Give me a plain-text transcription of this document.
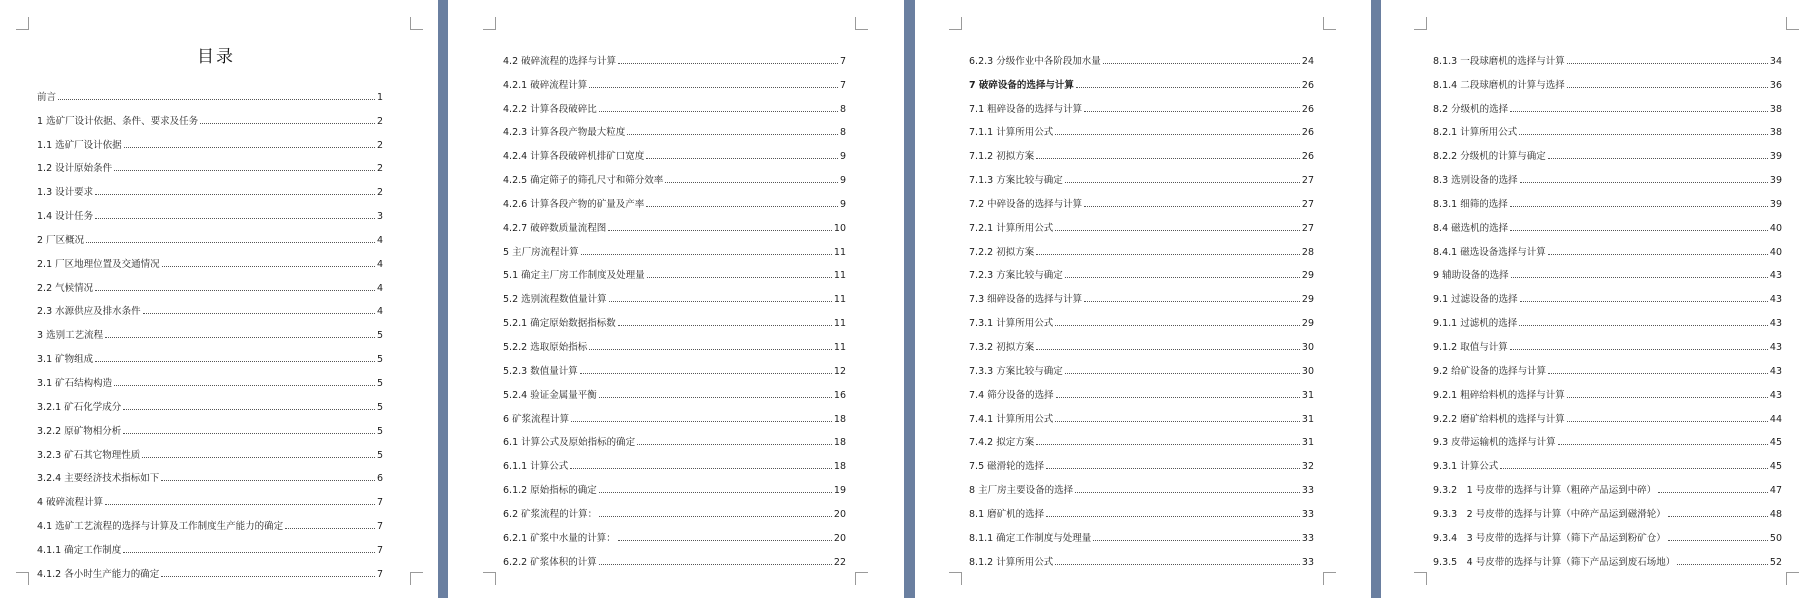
目录
前言	1
1 选矿厂设计依据、条件、要求及任务	2
1.1 选矿厂设计依据	2
1.2 设计原始条件	2
1.3 设计要求	2
1.4 设计任务	3
2 厂区概况	4
2.1 厂区地理位置及交通情况	4
2.2 气候情况	4
2.3 水源供应及排水条件	4
3 选别工艺流程	5
3.1 矿物组成	5
3.1 矿石结构构造	5
3.2.1 矿石化学成分	5
3.2.2 原矿物相分析	5
3.2.3 矿石其它物理性质	5
3.2.4 主要经济技术指标如下	6
4 破碎流程计算	7
4.1 选矿工艺流程的选择与计算及工作制度生产能力的确定	7
4.1.1 确定工作制度	7
4.1.2 各小时生产能力的确定	7
4.2 破碎流程的选择与计算	7
4.2.1 破碎流程计算	7
4.2.2 计算各段破碎比	8
4.2.3 计算各段产物最大粒度	8
4.2.4 计算各段破碎机排矿口宽度	9
4.2.5 确定筛子的筛孔尺寸和筛分效率	9
4.2.6 计算各段产物的矿量及产率	9
4.2.7 破碎数质量流程图	10
5 主厂房流程计算	11
5.1 确定主厂房工作制度及处理量	11
5.2 选别流程数值量计算	11
5.2.1 确定原始数据指标数	11
5.2.2 选取原始指标	11
5.2.3 数值量计算	12
5.2.4 验证金属量平衡	16
6 矿浆流程计算	18
6.1 计算公式及原始指标的确定	18
6.1.1 计算公式	18
6.1.2 原始指标的确定	19
6.2 矿浆流程的计算：	20
6.2.1 矿浆中水量的计算：	20
6.2.2 矿浆体积的计算	22
6.2.3 分级作业中各阶段加水量	24
7 破碎设备的选择与计算	26
7.1 粗碎设备的选择与计算	26
7.1.1 计算所用公式	26
7.1.2 初拟方案	26
7.1.3 方案比较与确定	27
7.2 中碎设备的选择与计算	27
7.2.1 计算所用公式	27
7.2.2 初拟方案	28
7.2.3 方案比较与确定	29
7.3 细碎设备的选择与计算	29
7.3.1 计算所用公式	29
7.3.2 初拟方案	30
7.3.3 方案比较与确定	30
7.4 筛分设备的选择	31
7.4.1 计算所用公式	31
7.4.2 拟定方案	31
7.5 磁滑轮的选择	32
8 主厂房主要设备的选择	33
8.1 磨矿机的选择	33
8.1.1 确定工作制度与处理量	33
8.1.2 计算所用公式	33
8.1.3 一段球磨机的选择与计算	34
8.1.4 二段球磨机的计算与选择	36
8.2 分级机的选择	38
8.2.1 计算所用公式	38
8.2.2 分级机的计算与确定	39
8.3 选别设备的选择	39
8.3.1 细筛的选择	39
8.4 磁选机的选择	40
8.4.1 磁选设备选择与计算	40
9 辅助设备的选择	43
9.1 过滤设备的选择	43
9.1.1 过滤机的选择	43
9.1.2 取值与计算	43
9.2 给矿设备的选择与计算	43
9.2.1 粗碎给料机的选择与计算	43
9.2.2 磨矿给料机的选择与计算	44
9.3 皮带运输机的选择与计算	45
9.3.1 计算公式	45
9.3.2　1 号皮带的选择与计算（粗碎产品运到中碎）	47
9.3.3　2 号皮带的选择与计算（中碎产品运到磁滑轮）	48
9.3.4　3 号皮带的选择与计算（筛下产品运到粉矿仓）	50
9.3.5　4 号皮带的选择与计算（筛下产品运到废石场地）	52
